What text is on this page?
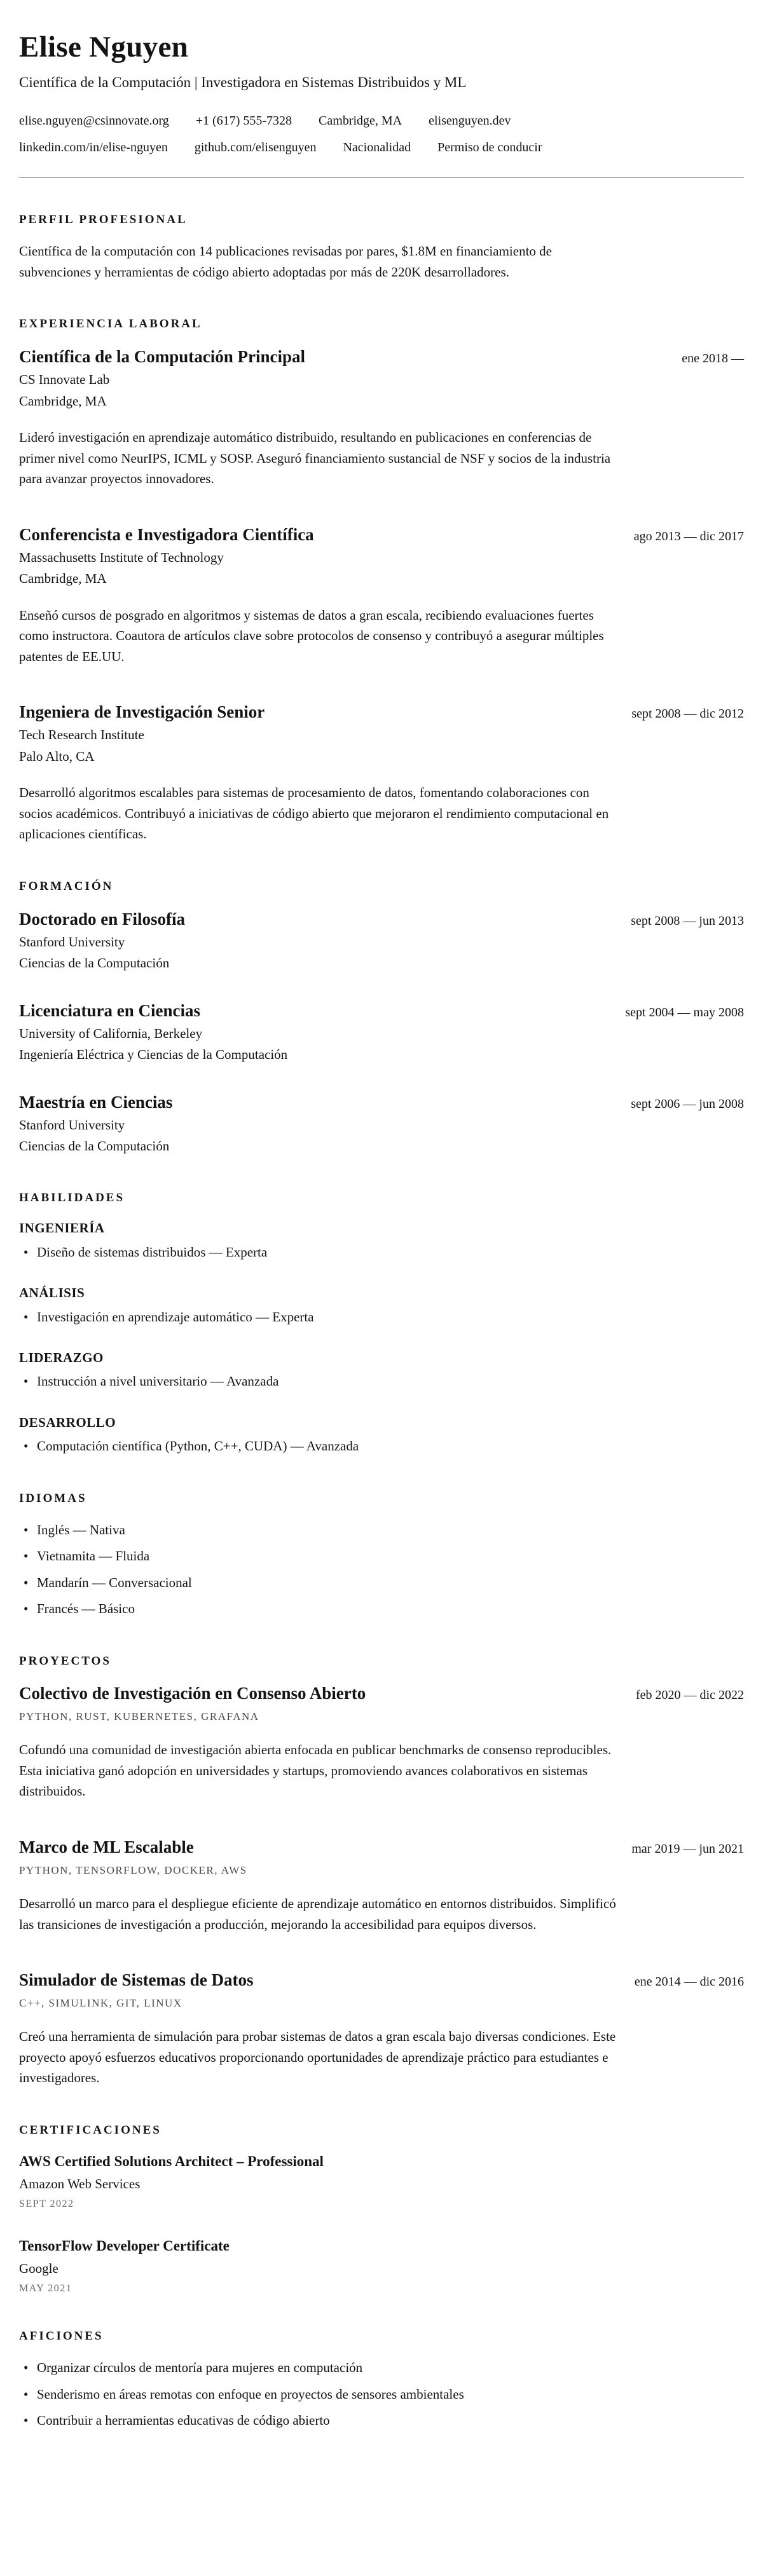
Elise Nguyen

Científica de la Computación | Investigadora en Sistemas Distribuidos y ML

elise.nguyen@csinnovate.org +1 (617) 555-7328 Cambridge, MA elisenguyen.dev
linkedin.com/in/elise-nguyen github.com/elisenguyen Nacionalidad Permiso de conducir
PERFIL PROFESIONAL

Científica de la computación con 14 publicaciones revisadas por pares, $1.8M en financiamiento de subvenciones y herramientas de código abierto adoptadas por más de 220K desarrolladores.

EXPERIENCIA LABORAL
Científica de la Computación Principal	ene 2018 —
CS Innovate Lab
Cambridge, MA

Lideró investigación en aprendizaje automático distribuido, resultando en publicaciones en conferencias de primer nivel como NeurIPS, ICML y SOSP. Aseguró financiamiento sustancial de NSF y socios de la industria para avanzar proyectos innovadores.

Conferencista e Investigadora Científica	ago 2013 — dic 2017
Massachusetts Institute of Technology
Cambridge, MA

Enseñó cursos de posgrado en algoritmos y sistemas de datos a gran escala, recibiendo evaluaciones fuertes como instructora. Coautora de artículos clave sobre protocolos de consenso y contribuyó a asegurar múltiples patentes de EE.UU.

Ingeniera de Investigación Senior	sept 2008 — dic 2012
Tech Research Institute
Palo Alto, CA

Desarrolló algoritmos escalables para sistemas de procesamiento de datos, fomentando colaboraciones con socios académicos. Contribuyó a iniciativas de código abierto que mejoraron el rendimiento computacional en aplicaciones científicas.

FORMACIÓN
Doctorado en Filosofía	sept 2008 — jun 2013
Stanford University
Ciencias de la Computación
Licenciatura en Ciencias	sept 2004 — may 2008
University of California, Berkeley
Ingeniería Eléctrica y Ciencias de la Computación
Maestría en Ciencias	sept 2006 — jun 2008
Stanford University
Ciencias de la Computación
HABILIDADES
INGENIERÍA
• Diseño de sistemas distribuidos — Experta
ANÁLISIS
• Investigación en aprendizaje automático — Experta
LIDERAZGO
• Instrucción a nivel universitario — Avanzada
DESARROLLO
• Computación científica (Python, C++, CUDA) — Avanzada
IDIOMAS
• Inglés — Nativa
• Vietnamita — Fluida
• Mandarín — Conversacional
• Francés — Básico
PROYECTOS
Colectivo de Investigación en Consenso Abierto	feb 2020 — dic 2022
PYTHON, RUST, KUBERNETES, GRAFANA

Cofundó una comunidad de investigación abierta enfocada en publicar benchmarks de consenso reproducibles. Esta iniciativa ganó adopción en universidades y startups, promoviendo avances colaborativos en sistemas distribuidos.

Marco de ML Escalable	mar 2019 — jun 2021
PYTHON, TENSORFLOW, DOCKER, AWS

Desarrolló un marco para el despliegue eficiente de aprendizaje automático en entornos distribuidos. Simplificó las transiciones de investigación a producción, mejorando la accesibilidad para equipos diversos.

Simulador de Sistemas de Datos	ene 2014 — dic 2016
C++, SIMULINK, GIT, LINUX

Creó una herramienta de simulación para probar sistemas de datos a gran escala bajo diversas condiciones. Este proyecto apoyó esfuerzos educativos proporcionando oportunidades de aprendizaje práctico para estudiantes e investigadores.

CERTIFICACIONES
AWS Certified Solutions Architect – Professional
Amazon Web Services
SEPT 2022
TensorFlow Developer Certificate
Google
MAY 2021
AFICIONES
• Organizar círculos de mentoría para mujeres en computación
• Senderismo en áreas remotas con enfoque en proyectos de sensores ambientales
• Contribuir a herramientas educativas de código abierto
